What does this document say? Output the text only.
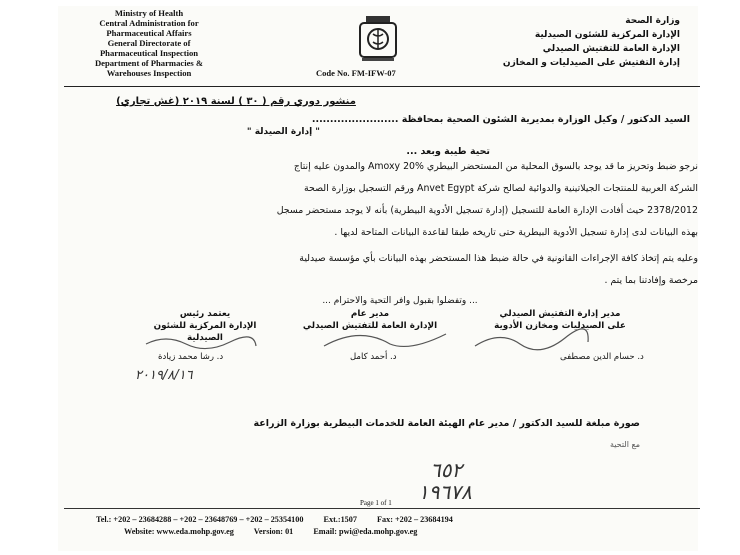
Ministry of Health
Central Administration for
Pharmaceutical Affairs
General Directorate of
Pharmaceutical Inspection
Department of Pharmacies &
Warehouses Inspection	Code No. FM-IFW-07
وزارة الصحة
الإدارة المركزية للشئون الصيدلية
الإدارة العامة للتفتيش الصيدلي
إدارة التفتيش على الصيدليات و المخازن
منشور دوري رقم ( ٣٠ ) لسنة ٢٠١٩ (غش تجاري)
السيد الدكتور / وكيل الوزارة بمديرية الشئون الصحية بمحافظة ........................
" إدارة الصيدلة "
تحية طيبة وبعد ...
نرجو ضبط وتحريز ما قد يوجد بالسوق المحلية من المستحضر البيطري Amoxy 20% والمدون عليه إنتاج
الشركة العربية للمنتجات الجيلاتينية والدوائية لصالح شركة Anvet Egypt ورقم التسجيل بوزارة الصحة
2378/2012 حيث أفادت الإدارة العامة للتسجيل (إدارة تسجيل الأدوية البيطرية) بأنه لا يوجد مستحضر مسجل
بهذه البيانات لدى إدارة تسجيل الأدوية البيطرية حتى تاريخه طبقا لقاعدة البيانات المتاحة لديها .
وعليه يتم إتخاذ كافة الإجراءات القانونية في حالة ضبط هذا المستحضر بهذه البيانات بأي مؤسسة صيدلية
مرخصة وإفادتنا بما يتم .
... وتفضلوا بقبول وافر التحية والاحترام ...
مدير إدارة التفتيش الصيدلي
على الصيدليات ومخازن الأدوية
مدير عام
الإدارة العامة للتفتيش الصيدلي
يعتمد رئيس
الإدارة المركزية للشئون الصيدلية
د. حسام الدين مصطفى
د. أحمد كامل
د. رشا محمد زيادة
٢٠١٩/٨/١٦
صورة مبلغة للسيد الدكتور / مدير عام الهيئة العامة للخدمات البيطرية بوزارة الزراعة
مع التحية
٦٥٢
١٩٦٧٨
Page 1 of 1
Tel.: +202 – 23684288 – +202 – 23648769 – +202 – 25354100 Ext.:1507 Fax: +202 – 23684194
Website: www.eda.mohp.gov.eg Version: 01 Email: pwi@eda.mohp.gov.eg
